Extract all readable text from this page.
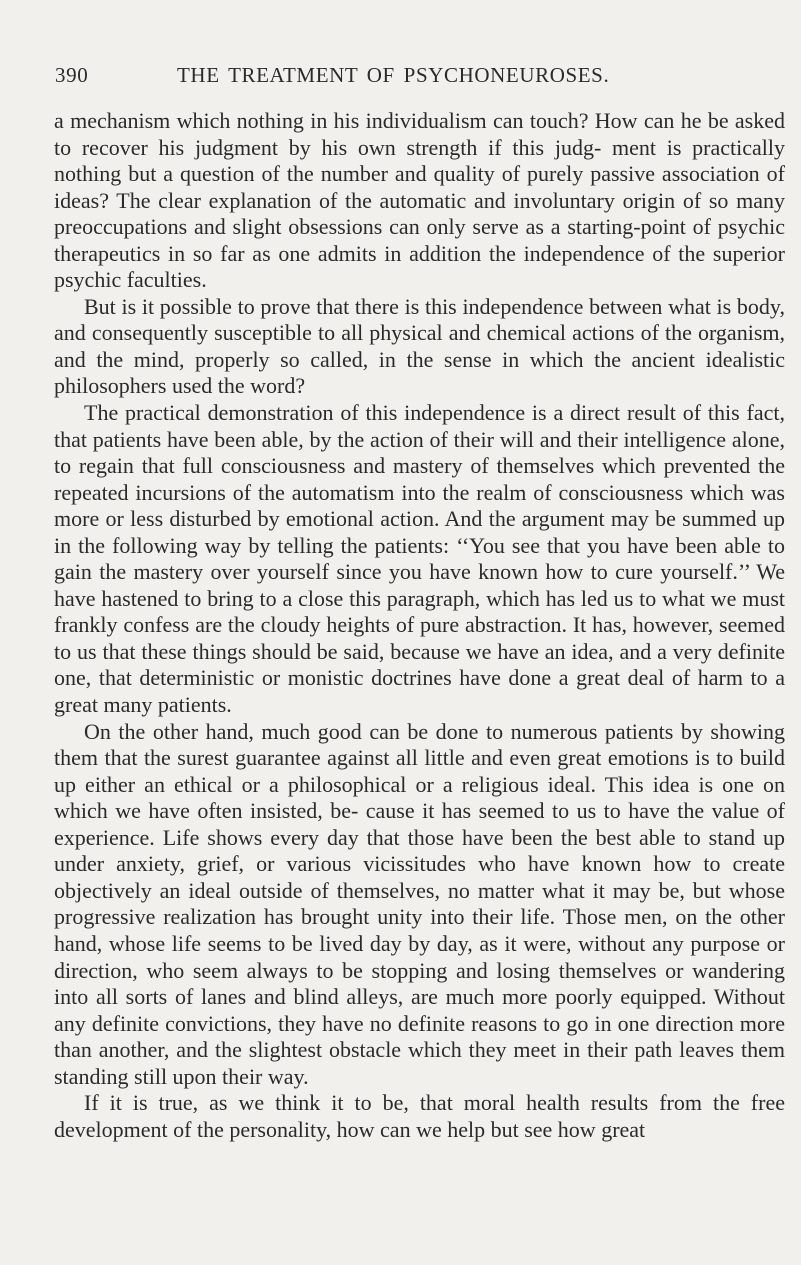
390	THE TREATMENT OF PSYCHONEUROSES.

a mechanism which nothing in his individualism can touch? How can he be asked to recover his judgment by his own strength if this judg- ment is practically nothing but a question of the number and quality of purely passive association of ideas? The clear explanation of the automatic and involuntary origin of so many preoccupations and slight obsessions can only serve as a starting-point of psychic therapeutics in so far as one admits in addition the independence of the superior psychic faculties.

But is it possible to prove that there is this independence between what is body, and consequently susceptible to all physical and chemical actions of the organism, and the mind, properly so called, in the sense in which the ancient idealistic philosophers used the word?

The practical demonstration of this independence is a direct result of this fact, that patients have been able, by the action of their will and their intelligence alone, to regain that full consciousness and mastery of themselves which prevented the repeated incursions of the automatism into the realm of consciousness which was more or less disturbed by emotional action. And the argument may be summed up in the following way by telling the patients: ‘‘You see that you have been able to gain the mastery over yourself since you have known how to cure yourself.’’ We have hastened to bring to a close this paragraph, which has led us to what we must frankly confess are the cloudy heights of pure abstraction. It has, however, seemed to us that these things should be said, because we have an idea, and a very definite one, that deterministic or monistic doctrines have done a great deal of harm to a great many patients.

On the other hand, much good can be done to numerous patients by showing them that the surest guarantee against all little and even great emotions is to build up either an ethical or a philosophical or a religious ideal. This idea is one on which we have often insisted, be- cause it has seemed to us to have the value of experience. Life shows every day that those have been the best able to stand up under anxiety, grief, or various vicissitudes who have known how to create objectively an ideal outside of themselves, no matter what it may be, but whose progressive realization has brought unity into their life. Those men, on the other hand, whose life seems to be lived day by day, as it were, without any purpose or direction, who seem always to be stopping and losing themselves or wandering into all sorts of lanes and blind alleys, are much more poorly equipped. Without any definite convictions, they have no definite reasons to go in one direction more than another, and the slightest obstacle which they meet in their path leaves them standing still upon their way.

If it is true, as we think it to be, that moral health results from the free development of the personality, how can we help but see how great
